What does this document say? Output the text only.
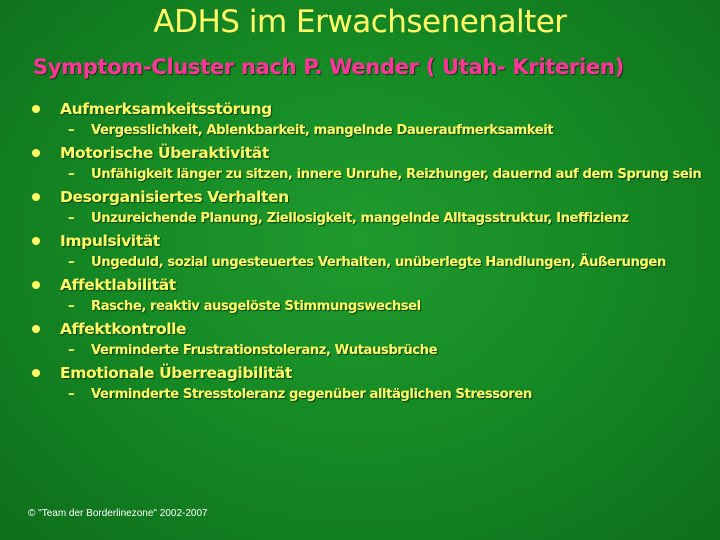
ADHS im Erwachsenenalter
Symptom-Cluster nach P. Wender ( Utah- Kriterien)
Aufmerksamkeitsstörung
– Vergesslichkeit, Ablenkbarkeit, mangelnde Daueraufmerksamkeit
Motorische Überaktivität
– Unfähigkeit länger zu sitzen, innere Unruhe, Reizhunger, dauernd auf dem Sprung sein
Desorganisiertes Verhalten
– Unzureichende Planung, Ziellosigkeit, mangelnde Alltagsstruktur, Ineffizienz
Impulsivität
– Ungeduld, sozial ungesteuertes Verhalten, unüberlegte Handlungen, Äußerungen
Affektlabilität
– Rasche, reaktiv ausgelöste Stimmungswechsel
Affektkontrolle
– Verminderte Frustrationstoleranz, Wutausbrüche
Emotionale Überreagibilität
– Verminderte Stresstoleranz gegenüber alltäglichen Stressoren
© "Team der Borderlinezone" 2002-2007
